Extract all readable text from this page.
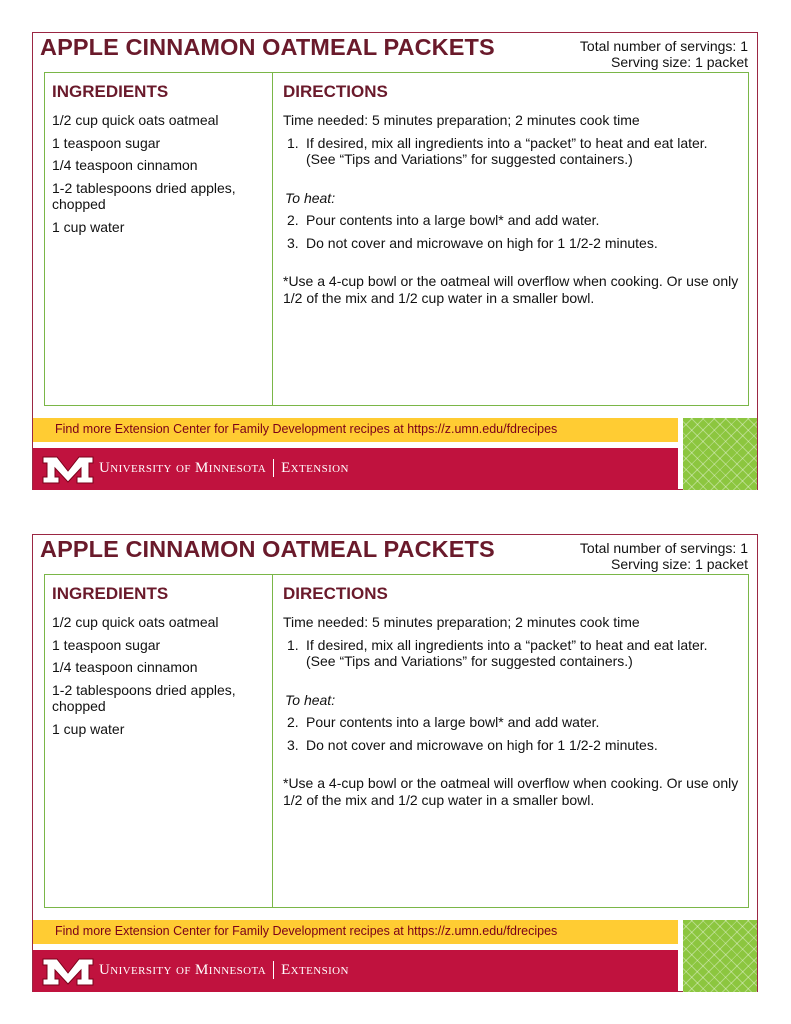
APPLE CINNAMON OATMEAL PACKETS	Total number of servings: 1
Serving size: 1 packet
INGREDIENTS
1/2 cup quick oats oatmeal
1 teaspoon sugar
1/4 teaspoon cinnamon
1-2 tablespoons dried apples, chopped
1 cup water
DIRECTIONS
Time needed: 5 minutes preparation; 2 minutes cook time
1. If desired, mix all ingredients into a “packet” to heat and eat later. (See “Tips and Variations” for suggested containers.)
To heat:
2. Pour contents into a large bowl* and add water.
3. Do not cover and microwave on high for 1 1/2-2 minutes.
*Use a 4-cup bowl or the oatmeal will overflow when cooking. Or use only 1/2 of the mix and 1/2 cup water in a smaller bowl.
Find more Extension Center for Family Development recipes at https://z.umn.edu/fdrecipes
University of Minnesota Extension
APPLE CINNAMON OATMEAL PACKETS	Total number of servings: 1
Serving size: 1 packet
INGREDIENTS
1/2 cup quick oats oatmeal
1 teaspoon sugar
1/4 teaspoon cinnamon
1-2 tablespoons dried apples, chopped
1 cup water
DIRECTIONS
Time needed: 5 minutes preparation; 2 minutes cook time
1. If desired, mix all ingredients into a “packet” to heat and eat later. (See “Tips and Variations” for suggested containers.)
To heat:
2. Pour contents into a large bowl* and add water.
3. Do not cover and microwave on high for 1 1/2-2 minutes.
*Use a 4-cup bowl or the oatmeal will overflow when cooking. Or use only 1/2 of the mix and 1/2 cup water in a smaller bowl.
Find more Extension Center for Family Development recipes at https://z.umn.edu/fdrecipes
University of Minnesota Extension
